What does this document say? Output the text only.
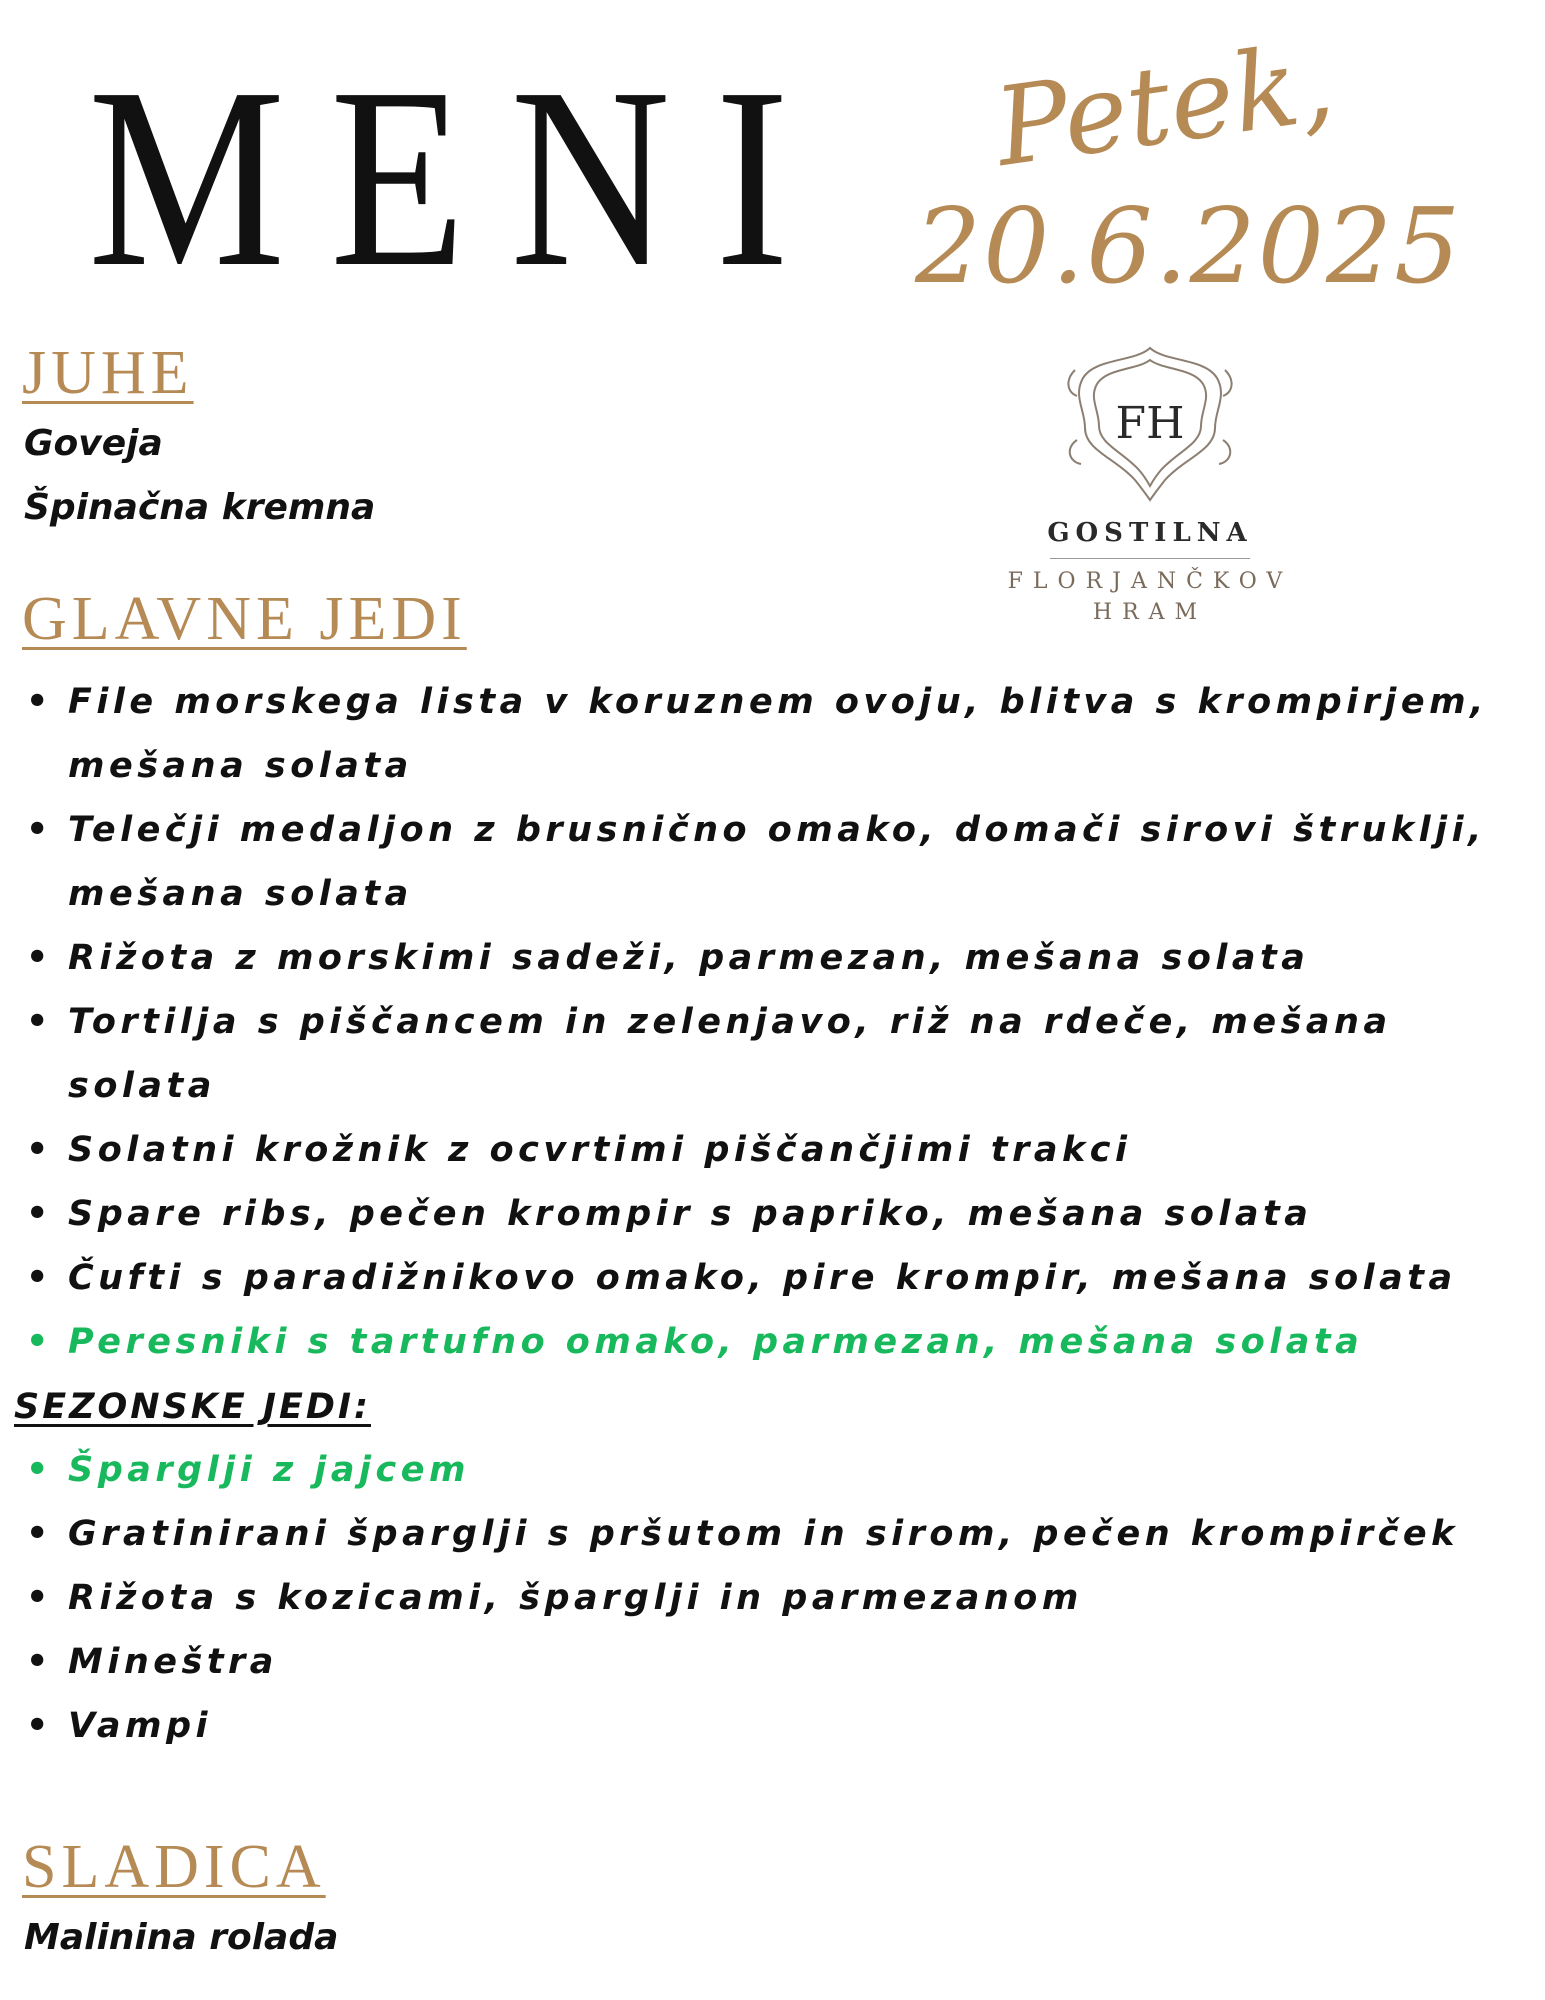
MENI Petek,
20.6.2025
FH
GOSTILNA
FLORJANČKOV
HRAM
JUHE
Goveja
Špinačna kremna
GLAVNE JEDI
• File morskega lista v koruznem ovoju, blitva s krompirjem,
mešana solata
• Telečji medaljon z brusnično omako, domači sirovi štruklji,
mešana solata
• Rižota z morskimi sadeži, parmezan, mešana solata
• Tortilja s piščancem in zelenjavo, riž na rdeče, mešana solata
• Solatni krožnik z ocvrtimi piščančjimi trakci
• Spare ribs, pečen krompir s papriko, mešana solata
• Čufti s paradižnikovo omako, pire krompir, mešana solata
• Peresniki s tartufno omako, parmezan, mešana solata
SEZONSKE JEDI:
• Šparglji z jajcem
• Gratinirani šparglji s pršutom in sirom, pečen krompirček
• Rižota s kozicami, šparglji in parmezanom
• Mineštra
• Vampi
SLADICA
Malinina rolada
